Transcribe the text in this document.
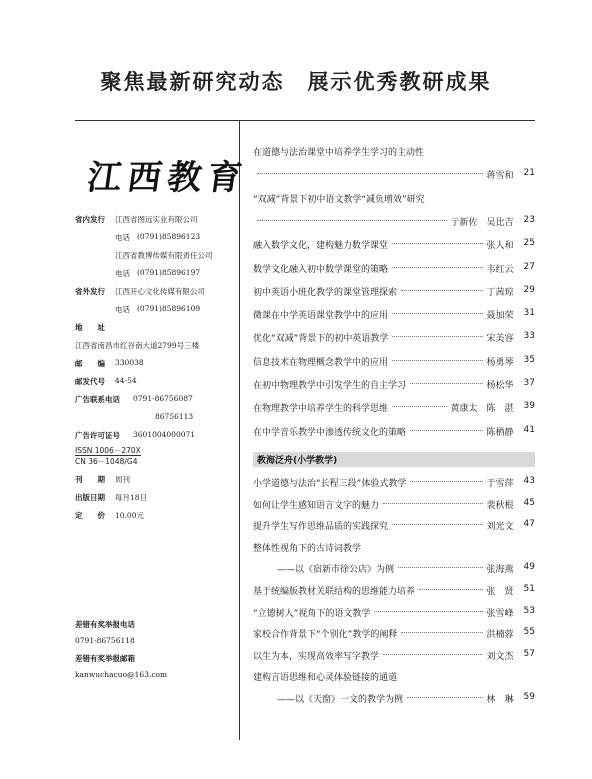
聚焦最新研究动态　展示优秀教研成果
江西教育
省内发行 江西省图远实业有限公司
电话 (0791)85896123
江西省教博传媒有限责任公司
电话 (0791)85896197
省外发行 江西开心文化传媒有限公司
电话 (0791)85896109
地　　址
江西省南昌市红谷南大道2799号三楼
邮　　编 330038
邮发代号 44-54
广告联系电话 0791-86756087
86756113
广告许可证号 3601004000071
ISSN 1006－270X
CN 36－1048/G4
刊　　期 周刊
出版日期 每月18日
定　　价 10.00元
差错有奖举报电话
0791-86756118
差错有奖举报邮箱
kanwuchacuo@163.com
在道德与法治课堂中培养学生学习的主动性
蒋雪和 21
“双减”背景下初中语文教学“减负增效”研究
亍新佐　吴比吉 23
融入数学文化，建构魅力数学课堂	张人和 25
数学文化融入初中数学课堂的策略	韦红云 27
初中英语小班化教学的课堂管理探索	丁茜琼 29
微课在中学英语课堂教学中的应用	聂加荣 31
优化“双减”背景下的初中英语教学	宋美容 33
信息技术在物理概念教学中的应用	杨勇琴 35
在初中物理教学中引发学生的自主学习	杨松华 37
在物理教学中培养学生的科学思维	黄康太　陈　湛 39
在中学音乐教学中渗透传统文化的策略	陈栖静 41
教海泛舟(小学教学)
小学道德与法治“长程三段”体验式教学	于雪萍 43
如何让学生感知语言文字的魅力	裴秋根 45
提升学生写作思维品质的实践探究	刘光文 47
整体性视角下的古诗词教学
——以《宿新市徐公店》为例	张海燕 49
基于统编版教材关联结构的思维能力培养	张　贤 51
“立德树人”视角下的语文教学	张雪峰 53
家校合作背景下“个别化”教学的阐释	洪楠蓉 55
以生为本，实现高效率写字教学	刘文杰 57
建构言语思维和心灵体验链接的通道
——以《天窗》一文的教学为例	林　琳 59
